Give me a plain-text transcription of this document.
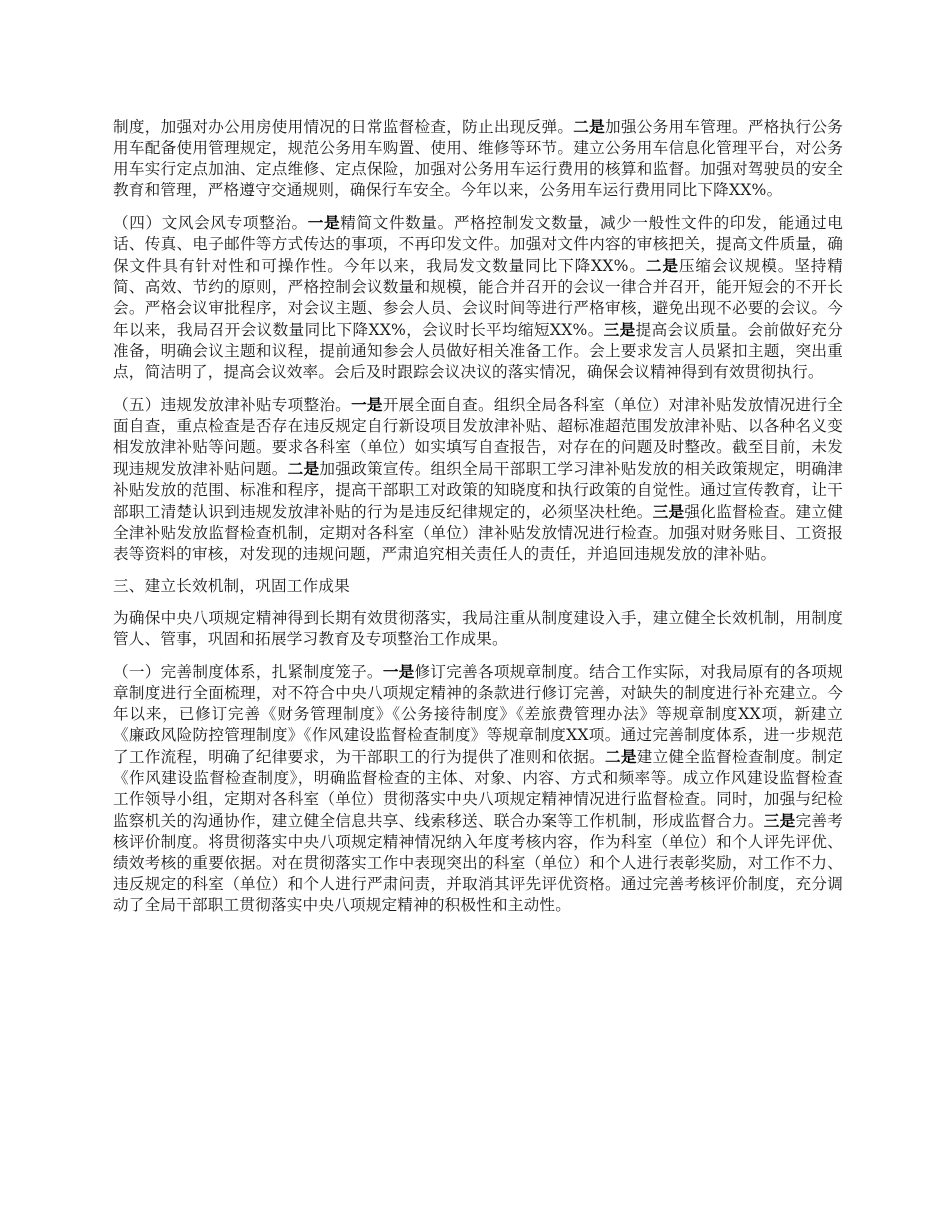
制度，加强对办公用房使用情况的日常监督检查，防止出现反弹。二是加强公务用车管理。严格执行公务用车配备使用管理规定，规范公务用车购置、使用、维修等环节。建立公务用车信息化管理平台，对公务用车实行定点加油、定点维修、定点保险，加强对公务用车运行费用的核算和监督。加强对驾驶员的安全教育和管理，严格遵守交通规则，确保行车安全。今年以来，公务用车运行费用同比下降XX%。

（四）文风会风专项整治。一是精简文件数量。严格控制发文数量，减少一般性文件的印发，能通过电话、传真、电子邮件等方式传达的事项，不再印发文件。加强对文件内容的审核把关，提高文件质量，确保文件具有针对性和可操作性。今年以来，我局发文数量同比下降XX%。二是压缩会议规模。坚持精简、高效、节约的原则，严格控制会议数量和规模，能合并召开的会议一律合并召开，能开短会的不开长会。严格会议审批程序，对会议主题、参会人员、会议时间等进行严格审核，避免出现不必要的会议。今年以来，我局召开会议数量同比下降XX%，会议时长平均缩短XX%。三是提高会议质量。会前做好充分准备，明确会议主题和议程，提前通知参会人员做好相关准备工作。会上要求发言人员紧扣主题，突出重点，简洁明了，提高会议效率。会后及时跟踪会议决议的落实情况，确保会议精神得到有效贯彻执行。

（五）违规发放津补贴专项整治。一是开展全面自查。组织全局各科室（单位）对津补贴发放情况进行全面自查，重点检查是否存在违反规定自行新设项目发放津补贴、超标准超范围发放津补贴、以各种名义变相发放津补贴等问题。要求各科室（单位）如实填写自查报告，对存在的问题及时整改。截至目前，未发现违规发放津补贴问题。二是加强政策宣传。组织全局干部职工学习津补贴发放的相关政策规定，明确津补贴发放的范围、标准和程序，提高干部职工对政策的知晓度和执行政策的自觉性。通过宣传教育，让干部职工清楚认识到违规发放津补贴的行为是违反纪律规定的，必须坚决杜绝。三是强化监督检查。建立健全津补贴发放监督检查机制，定期对各科室（单位）津补贴发放情况进行检查。加强对财务账目、工资报表等资料的审核，对发现的违规问题，严肃追究相关责任人的责任，并追回违规发放的津补贴。

三、建立长效机制，巩固工作成果

为确保中央八项规定精神得到长期有效贯彻落实，我局注重从制度建设入手，建立健全长效机制，用制度管人、管事，巩固和拓展学习教育及专项整治工作成果。

（一）完善制度体系，扎紧制度笼子。一是修订完善各项规章制度。结合工作实际，对我局原有的各项规章制度进行全面梳理，对不符合中央八项规定精神的条款进行修订完善，对缺失的制度进行补充建立。今年以来，已修订完善《财务管理制度》《公务接待制度》《差旅费管理办法》等规章制度XX项，新建立《廉政风险防控管理制度》《作风建设监督检查制度》等规章制度XX项。通过完善制度体系，进一步规范了工作流程，明确了纪律要求，为干部职工的行为提供了准则和依据。二是建立健全监督检查制度。制定《作风建设监督检查制度》，明确监督检查的主体、对象、内容、方式和频率等。成立作风建设监督检查工作领导小组，定期对各科室（单位）贯彻落实中央八项规定精神情况进行监督检查。同时，加强与纪检监察机关的沟通协作，建立健全信息共享、线索移送、联合办案等工作机制，形成监督合力。三是完善考核评价制度。将贯彻落实中央八项规定精神情况纳入年度考核内容，作为科室（单位）和个人评先评优、绩效考核的重要依据。对在贯彻落实工作中表现突出的科室（单位）和个人进行表彰奖励，对工作不力、违反规定的科室（单位）和个人进行严肃问责，并取消其评先评优资格。通过完善考核评价制度，充分调动了全局干部职工贯彻落实中央八项规定精神的积极性和主动性。
